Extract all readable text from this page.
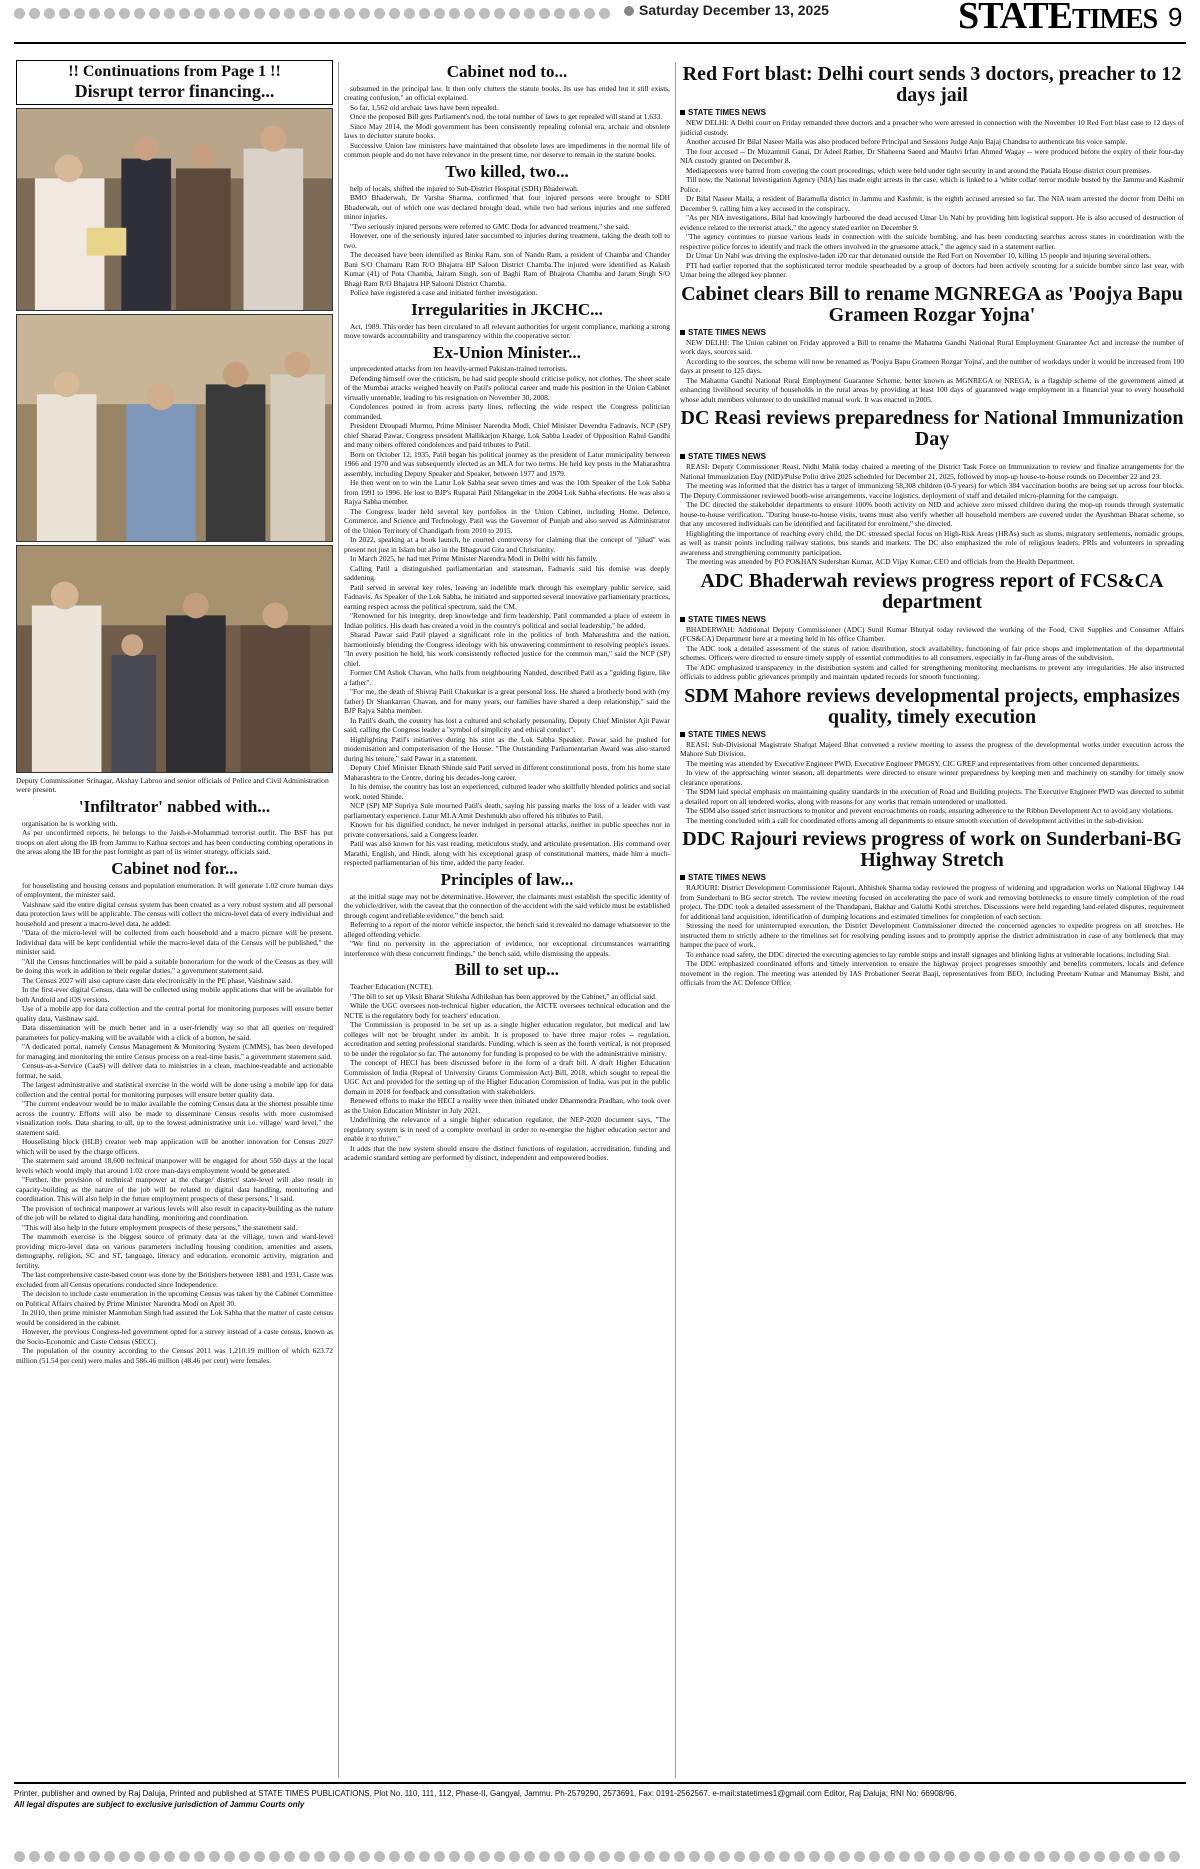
Saturday December 13, 2025	STATETIMES 9
!! Continuations from Page 1 !!
Disrupt terror financing...

Deputy Commissioner Srinagar, Akshay Labroo and senior officials of Police and Civil Administration were present.

'Infiltrator' nabbed with...

organisation he is working with.

As per unconfirmed reports, he belongs to the Jaish-e-Mohammad terrorist outfit. The BSF has put troops on alert along the IB from Jammu to Kathua sectors and has been conducting combing operations in the areas along the IB for the past fortnight as part of its winter strategy, officials said.

Cabinet nod for...

for houselisting and housing census and population enumeration. It will generate 1.02 crore human days of employment, the minister said.

Vaishnaw said the entire digital census system has been created as a very robust system and all personal data protection laws will be applicable. The census will collect the micro-level data of every individual and household and present a macro-level data, he added.

"Data of the micro-level will be collected from each household and a macro picture will be present. Individual data will be kept confidential while the macro-level data of the Census will be published," the minister said.

"All the Census functionaries will be paid a suitable honorarium for the work of the Census as they will be doing this work in addition to their regular duties," a government statement said.

The Census 2027 will also capture caste data electronically in the PE phase, Vaishnaw said.

In the first-ever digital Census, data will be collected using mobile applications that will be available for both Android and iOS versions.

Use of a mobile app for data collection and the central portal for monitoring purposes will ensure better quality data, Vaishnaw said.

Data dissemination will be much better and in a user-friendly way so that all queries on required parameters for policy-making will be available with a click of a button, he said.

"A dedicated portal, namely Census Management & Monitoring System (CMMS), has been developed for managing and monitoring the entire Census process on a real-time basis," a government statement said.

Census-as-a-Service (CaaS) will deliver data to ministries in a clean, machine-readable and actionable format, he said.

The largest administrative and statistical exercise in the world will be done using a mobile app for data collection and the central portal for monitoring purposes will ensure better quality data.

"The current endeavour would be to make available the coming Census data at the shortest possible time across the country. Efforts will also be made to disseminate Census results with more customised visualization tools. Data sharing to all, up to the lowest administrative unit i.e. village/ ward level," the statement said.

Houselisting block (HLB) creator web map application will be another innovation for Census 2027 which will be used by the charge officers.

The statement said around 18,600 technical manpower will be engaged for about 550 days at the local levels which would imply that around 1.02 crore man-days employment would be generated.

"Further, the provision of technical manpower at the charge/ district/ state-level will also result in capacity-building as the nature of the job will be related to digital data handling, monitoring and coordination. This will also help in the future employment prospects of these persons," it said.

The provision of technical manpower at various levels will also result in capacity-building as the nature of the job will be related to digital data handling, monitoring and coordination.

"This will also help in the future employment prospects of these persons," the statement said.

The mammoth exercise is the biggest source of primary data at the village, town and ward-level providing micro-level data on various parameters including housing condition, amenities and assets, demography, religion, SC and ST, language, literacy and education, economic activity, migration and fertility.

The last comprehensive caste-based count was done by the Britishers between 1881 and 1931. Caste was excluded from all Census operations conducted since Independence.

The decision to include caste enumeration in the upcoming Census was taken by the Cabinet Committee on Political Affairs chaired by Prime Minister Narendra Modi on April 30.

In 2010, then prime minister Manmohan Singh had assured the Lok Sabha that the matter of caste census would be considered in the cabinet.

However, the previous Congress-led government opted for a survey instead of a caste census, known as the Socio-Economic and Caste Census (SECC).

The population of the country according to the Census 2011 was 1,210.19 million of which 623.72 million (51.54 per cent) were males and 586.46 million (48.46 per cent) were females.

Cabinet nod to...

subsumed in the principal law. It then only clutters the statute books. Its use has ended but it still exists, creating confusion," an official explained.

So far, 1,562 old archaic laws have been repealed.

Once the proposed Bill gets Parliament's nod, the total number of laws to get repealed will stand at 1,633.

Since May 2014, the Modi government has been consistently repealing colonial era, archaic and obsolete laws to declutter statute books.

Successive Union law ministers have maintained that obsolete laws are impediments in the normal life of common people and do not have relevance in the present time, nor deserve to remain in the statute books.

Two killed, two...

help of locals, shifted the injured to Sub-District Hospital (SDH) Bhaderwah.

BMO Bhaderwah, Dr Varsha Sharma, confirmed that four injured persons were brought to SDH Bhaderwah, out of which one was declared brought dead, while two had serious injuries and one suffered minor injuries.

"Two seriously injured persons were referred to GMC Doda for advanced treatment," she said.

However, one of the seriously injured later succumbed to injuries during treatment, taking the death toll to two.

The deceased have been identified as Rinku Ram, son of Nandu Ram, a resident of Chamba and Chander Bani S/O Chamaru Ram R/O Bhajatra HP Saloon District Chamba.The injured were identified as Kalash Kumar (41) of Pota Chamba, Jairam Singh, son of Baghi Ram of Bhajrota Chamba and Jaram Singh S/O Bhagi Ram R/O Bhajatra HP Salooni District Chamba.

Police have registered a case and initiated further investigation.

Irregularities in JKCHC...

Act, 1989. This order has been circulated to all relevant authorities for urgent compliance, marking a strong move towards accountability and transparency within the cooperative sector.

Ex-Union Minister...

unprecedented attacks from ten heavily-armed Pakistan-trained terrorists.

Defending himself over the criticism, he had said people should criticise policy, not clothes. The sheer scale of the Mumbai attacks weighed heavily on Patil's political career and made his position in the Union Cabinet virtually untenable, leading to his resignation on November 30, 2008.

Condolences poured in from across party lines, reflecting the wide respect the Congress politician commanded.

President Droupadi Murmu, Prime Minister Narendra Modi, Chief Minister Devendra Fadnavis, NCP (SP) chief Sharad Pawar, Congress president Mallikarjun Kharge, Lok Sabha Leader of Opposition Rahul Gandhi and many others offered condolences and paid tributes to Patil.

Born on October 12, 1935, Patil began his political journey as the president of Latur municipality between 1966 and 1970 and was subsequently elected as an MLA for two terms. He held key posts in the Maharashtra assembly, including Deputy Speaker and Speaker, between 1977 and 1979.

He then went on to win the Latur Lok Sabha seat seven times and was the 10th Speaker of the Lok Sabha from 1991 to 1996. He lost to BJP's Rupatai Patil Nilangekar in the 2004 Lok Sabha elections. He was also a Rajya Sabha member.

The Congress leader held several key portfolios in the Union Cabinet, including Home, Defence, Commerce, and Science and Technology. Patil was the Governor of Punjab and also served as Administrator of the Union Territory of Chandigarh from 2010 to 2015.

In 2022, speaking at a book launch, he courted controversy for claiming that the concept of "jihad" was present not just in Islam but also in the Bhagavad Gita and Christianity.

In March 2025, he had met Prime Minister Narendra Modi in Delhi with his family.

Calling Patil a distinguished parliamentarian and statesman, Fadnavis said his demise was deeply saddening.

Patil served in several key roles, leaving an indelible mark through his exemplary public service, said Fadnavis. As Speaker of the Lok Sabha, he initiated and supported several innovative parliamentary practices, earning respect across the political spectrum, said the CM.

"Renowned for his integrity, deep knowledge and firm leadership, Patil commanded a place of esteem in Indian politics. His death has created a void in the country's political and social leadership," he added.

Sharad Pawar said Patil played a significant role in the politics of both Maharashtra and the nation, harmoniously blending the Congress ideology with his unwavering commitment to resolving people's issues. "In every position he held, his work consistently reflected justice for the common man," said the NCP (SP) chief.

Former CM Ashok Chavan, who hails from neighbouring Nanded, described Patil as a "guiding figure, like a father".

"For me, the death of Shivraj Patil Chakurkar is a great personal loss. He shared a brotherly bond with (my father) Dr Shankarrao Chavan, and for many years, our families have shared a deep relationship," said the BJP Rajya Sabha member.

In Patil's death, the country has lost a cultured and scholarly personality, Deputy Chief Minister Ajit Pawar said, calling the Congress leader a "symbol of simplicity and ethical conduct".

Highlighting Patil's initiatives during his stint as the Lok Sabha Speaker, Pawar said he pushed for modernisation and computerisation of the House. "The Outstanding Parliamentarian Award was also started during his tenure," said Pawar in a statement.

Deputy Chief Minister Eknath Shinde said Patil served in different constitutional posts, from his home state Maharashtra to the Centre, during his decades-long career.

In his demise, the country has lost an experienced, cultured leader who skillfully blended politics and social work, noted Shinde.

NCP (SP) MP Supriya Sule mourned Patil's death, saying his passing marks the loss of a leader with vast parliamentary experience. Latur MLA Amit Deshmukh also offered his tributes to Patil.

Known for his dignified conduct, he never indulged in personal attacks, neither in public speeches nor in private conversations, said a Congress leader.

Patil was also known for his vast reading, meticulous study, and articulate presentation. His command over Marathi, English, and Hindi, along with his exceptional grasp of constitutional matters, made him a much-respected parliamentarian of his time, added the party leader.

Principles of law...

at the initial stage may not be determinative. However, the claimants must establish the specific identity of the vehicle/driver, with the caveat that the connection of the accident with the said vehicle must be established through cogent and reliable evidence," the bench said.

Referring to a report of the motor vehicle inspector, the bench said it revealed no damage whatsoever to the alleged offending vehicle.

"We find no perversity in the appreciation of evidence, nor exceptional circumstances warranting interference with these concurrent findings," the bench said, while dismissing the appeals.

Bill to set up...

Teacher Education (NCTE).

"The bill to set up Viksit Bharat Shiksha Adhikshan has been approved by the Cabinet," an official said.

While the UGC oversees non-technical higher education, the AICTE oversees technical education and the NCTE is the regulatory body for teachers' education.

The Commission is proposed to be set up as a single higher education regulator, but medical and law colleges will not be brought under its ambit. It is proposed to have three major roles -- regulation, accreditation and setting professional standards. Funding, which is seen as the fourth vertical, is not proposed to be under the regulator so far. The autonomy for funding is proposed to be with the administrative ministry.

The concept of HECI has been discussed before in the form of a draft bill. A draft Higher Education Commission of India (Repeal of University Grants Commission Act) Bill, 2018, which sought to repeal the UGC Act and provided for the setting up of the Higher Education Commission of India, was put in the public domain in 2018 for feedback and consultation with stakeholders.

Renewed efforts to make the HECI a reality were then initiated under Dharmendra Pradhan, who took over as the Union Education Minister in July 2021.

Underlining the relevance of a single higher education regulator, the NEP-2020 document says, "The regulatory system is in need of a complete overhaul in order to re-energise the higher education sector and enable it to thrive."

It adds that the new system should ensure the distinct functions of regulation, accreditation, funding and academic standard setting are performed by distinct, independent and empowered bodies.

Red Fort blast: Delhi court sends 3 doctors, preacher to 12 days jail
STATE TIMES NEWS

NEW DELHI: A Delhi court on Friday remanded three doctors and a preacher who were arrested in connection with the November 10 Red Fort blast case to 12 days of judicial custody.

Another accused Dr Bilal Naseer Malla was also produced before Principal and Sessions Judge Anju Bajaj Chandna to authenticate his voice sample.

The four accused -- Dr Muzammil Ganai, Dr Adeel Rather, Dr Shaheena Saeed and Maulvi Irfan Ahmed Wagay -- were produced before the expiry of their four-day NIA custody granted on December 8.

Mediapersons were barred from covering the court proceedings, which were held under tight security in and around the Patiala House district court premises.

Till now, the National Investigation Agency (NIA) has made eight arrests in the case, which is linked to a 'white collar' terror module busted by the Jammu and Kashmir Police.

Dr Bilal Naseer Malla, a resident of Baramulla district in Jammu and Kashmir, is the eighth accused arrested so far. The NIA team arrested the doctor from Delhi on December 9, calling him a key accused in the conspiracy.

"As per NIA investigations, Bilal had knowingly harboured the dead accused Umar Un Nabi by providing him logistical support. He is also accused of destruction of evidence related to the terrorist attack," the agency stated earlier on December 9.

"The agency continues to pursue various leads in connection with the suicide bombing, and has been conducting searches across states in coordination with the respective police forces to identify and track the others involved in the gruesome attack," the agency said in a statement earlier.

Dr Umar Un Nabi was driving the explosive-laden i20 car that detonated outside the Red Fort on November 10, killing 15 people and injuring several others.

PTI had earlier reported that the sophisticated terror module spearheaded by a group of doctors had been actively scouting for a suicide bomber since last year, with Umar being the alleged key planner.

Cabinet clears Bill to rename MGNREGA as 'Poojya Bapu Grameen Rozgar Yojna'
STATE TIMES NEWS

NEW DELHI: The Union cabinet on Friday approved a Bill to rename the Mahatma Gandhi National Rural Employment Guarantee Act and increase the number of work days, sources said.

According to the sources, the scheme will now be renamed as 'Poojya Bapu Grameen Rozgar Yojna', and the number of workdays under it would be increased from 100 days at present to 125 days.

The Mahatma Gandhi National Rural Employment Guarantee Scheme, better known as MGNREGA or NREGA, is a flagship scheme of the government aimed at enhancing livelihood security of households in the rural areas by providing at least 100 days of guaranteed wage employment in a financial year to every household whose adult members volunteer to do unskilled manual work. It was enacted in 2005.

DC Reasi reviews preparedness for National Immunization Day
STATE TIMES NEWS

REASI: Deputy Commissioner Reasi, Nidhi Malik today chaired a meeting of the District Task Force on Immunization to review and finalize arrangements for the National Immunization Day (NID)/Pulse Polio drive 2025 scheduled for December 21, 2025, followed by mop-up house-to-house rounds on December 22 and 23.

The meeting was informed that the district has a target of immunizing 58,308 children (0-5 years) for which 384 vaccination booths are being set up across four blocks. The Deputy Commissioner reviewed booth-wise arrangements, vaccine logistics, deployment of staff and detailed micro-planning for the campaign.

The DC directed the stakeholder departments to ensure 100% booth activity on NID and achieve zero missed children during the mop-up rounds through systematic house-to-house verification. "During house-to-house visits, teams must also verify whether all household members are covered under the Ayushman Bharat scheme, so that any uncovered individuals can be identified and facilitated for enrolment," she directed.

Highlighting the importance of reaching every child, the DC stressed special focus on High-Risk Areas (HRAs) such as slums, migratory settlements, nomadic groups, as well as transit points including railway stations, bus stands and markets. The DC also emphasized the role of religious leaders, PRIs and volunteers in spreading awareness and strengthening community participation.

The meeting was attended by PO PO&HAN Sudershan Kumar, ACD Vijay Kumar, CEO and officials from the Health Department.

ADC Bhaderwah reviews progress report of FCS&CA department
STATE TIMES NEWS

BHADERWAH: Additional Deputy Commissioner (ADC) Sunil Kumar Bhutyal today reviewed the working of the Food, Civil Supplies and Consumer Affairs (FCS&CA) Department here at a meeting held in his office Chamber.

The ADC took a detailed assessment of the status of ration distribution, stock availability, functioning of fair price shops and implementation of the departmental schemes. Officers were directed to ensure timely supply of essential commodities to all consumers, especially in far-flung areas of the subdivision.

The ADC emphasized transparency in the distribution system and called for strengthening monitoring mechanisms to prevent any irregularities. He also instructed officials to address public grievances promptly and maintain updated records for smooth functioning.

SDM Mahore reviews developmental projects, emphasizes quality, timely execution
STATE TIMES NEWS

REASI: Sub-Divisional Magistrate Shafqat Majeed Bhat convened a review meeting to assess the progress of the developmental works under execution across the Mahore Sub Division.

The meeting was attended by Executive Engineer PWD, Executive Engineer PMGSY, CIC GREF and representatives from other concerned departments.

In view of the approaching winter season, all departments were directed to ensure winter preparedness by keeping men and machinery on standby for timely snow clearance operations.

The SDM laid special emphasis on maintaining quality standards in the execution of Road and Building projects. The Executive Engineer PWD was directed to submit a detailed report on all tendered works, along with reasons for any works that remain untendered or unallotted.

The SDM also issued strict instructions to monitor and prevent encroachments on roads, ensuring adherence to the Ribbon Development Act to avoid any violations.

The meeting concluded with a call for coordinated efforts among all departments to ensure smooth execution of development activities in the sub-division.

DDC Rajouri reviews progress of work on Sunderbani-BG Highway Stretch
STATE TIMES NEWS

RAJOURI: District Development Commissioner Rajouri, Abhishek Sharma today reviewed the progress of widening and upgradation works on National Highway 144 from Sunderbani to BG sector stretch. The review meeting focused on accelerating the pace of work and removing bottlenecks to ensure timely completion of the road project. The DDC took a detailed assessment of the Thandapani, Bakhar and Galuthi Kothi stretches. Discussions were held regarding land-related disputes, requirement for additional land acquisition, identification of dumping locations and estimated timelines for completion of each section.

Stressing the need for uninterrupted execution, the District Development Commissioner directed the concerned agencies to expedite progress on all stretches. He instructed them to strictly adhere to the timelines set for resolving pending issues and to promptly apprise the district administration in case of any bottleneck that may hamper the pace of work.

To enhance road safety, the DDC directed the executing agencies to lay rumble strips and install signages and blinking lights at vulnerable locations, including Sial.

The DDC emphasized coordinated efforts and timely intervention to ensure the highway project progresses smoothly and benefits commuters, locals and defence movement in the region. The meeting was attended by IAS Probationer Seerat Baaji, representatives from BEO, including Preetam Kumar and Manumay Bisht, and officials from the AC Defence Office.

Printer, publisher and owned by Raj Daluja, Printed and published at STATE TIMES PUBLICATIONS, Plot No. 110, 111, 112, Phase-II, Gangyal, Jammu. Ph-2579290, 2573691, Fax: 0191-2562567. e-mail:statetimes1@gmail.com Editor, Raj Daluja; RNI No: 66908/96.

All legal disputes are subject to exclusive jurisdiction of Jammu Courts only
